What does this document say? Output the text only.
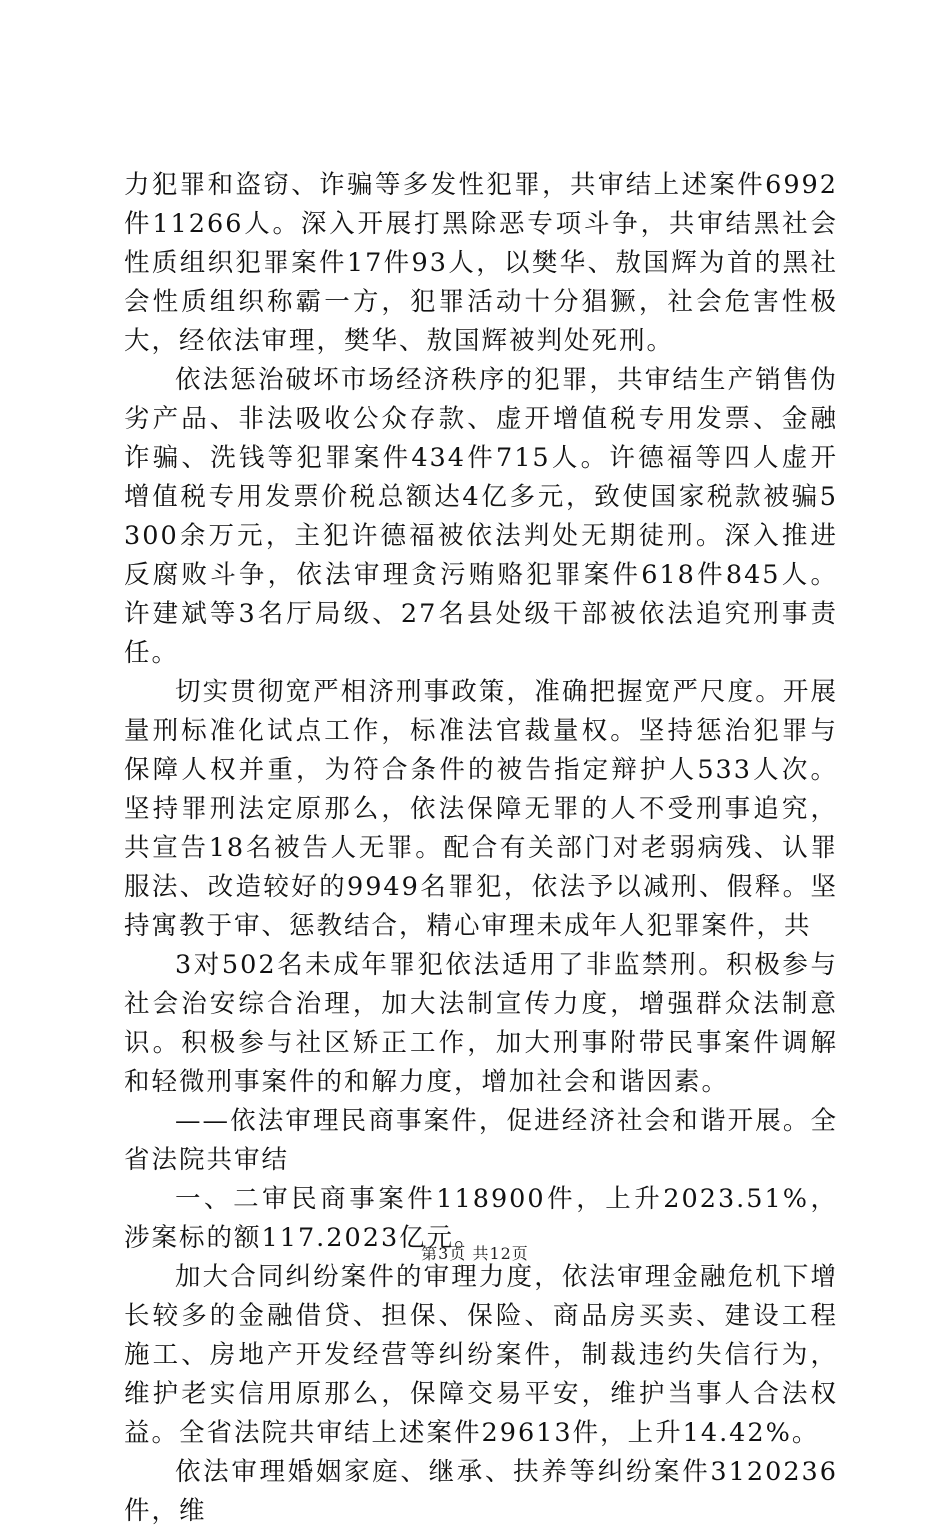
力犯罪和盗窃、诈骗等多发性犯罪，共审结上述案件6992件11266人。深入开展打黑除恶专项斗争，共审结黑社会性质组织犯罪案件17件93人，以樊华、敖国辉为首的黑社会性质组织称霸一方，犯罪活动十分猖獗，社会危害性极大，经依法审理，樊华、敖国辉被判处死刑。

依法惩治破坏市场经济秩序的犯罪，共审结生产销售伪劣产品、非法吸收公众存款、虚开增值税专用发票、金融诈骗、洗钱等犯罪案件434件715人。许德福等四人虚开增值税专用发票价税总额达4亿多元，致使国家税款被骗5300余万元，主犯许德福被依法判处无期徒刑。深入推进反腐败斗争，依法审理贪污贿赂犯罪案件618件845人。许建斌等3名厅局级、27名县处级干部被依法追究刑事责任。

切实贯彻宽严相济刑事政策，准确把握宽严尺度。开展量刑标准化试点工作，标准法官裁量权。坚持惩治犯罪与保障人权并重，为符合条件的被告指定辩护人533人次。坚持罪刑法定原那么，依法保障无罪的人不受刑事追究，共宣告18名被告人无罪。配合有关部门对老弱病残、认罪服法、改造较好的9949名罪犯，依法予以减刑、假释。坚持寓教于审、惩教结合，精心审理未成年人犯罪案件，共

3对502名未成年罪犯依法适用了非监禁刑。积极参与社会治安综合治理，加大法制宣传力度，增强群众法制意识。积极参与社区矫正工作，加大刑事附带民事案件调解和轻微刑事案件的和解力度，增加社会和谐因素。

——依法审理民商事案件，促进经济社会和谐开展。全省法院共审结

一、二审民商事案件118900件，上升2023.51%，涉案标的额117.2023亿元。

加大合同纠纷案件的审理力度，依法审理金融危机下增长较多的金融借贷、担保、保险、商品房买卖、建设工程施工、房地产开发经营等纠纷案件，制裁违约失信行为，维护老实信用原那么，保障交易平安，维护当事人合法权益。全省法院共审结上述案件29613件，上升14.42%。

依法审理婚姻家庭、继承、扶养等纠纷案件3120236件，维

第3页 共12页
